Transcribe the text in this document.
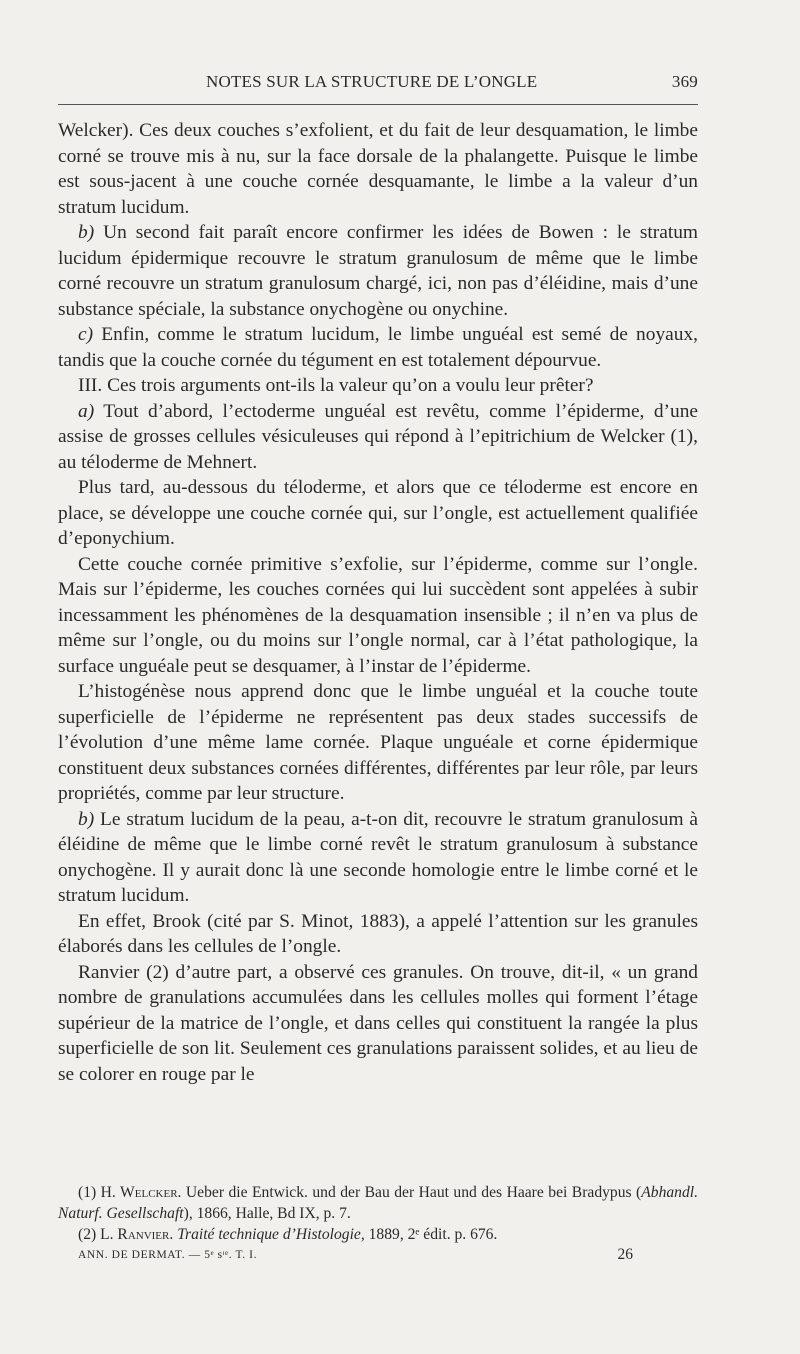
NOTES SUR LA STRUCTURE DE L’ONGLE	369

Welcker). Ces deux couches s’exfolient, et du fait de leur desquamation, le limbe corné se trouve mis à nu, sur la face dorsale de la phalangette. Puisque le limbe est sous-jacent à une couche cornée desquamante, le limbe a la valeur d’un stratum lucidum.

b) Un second fait paraît encore confirmer les idées de Bowen : le stratum lucidum épidermique recouvre le stratum granulosum de même que le limbe corné recouvre un stratum granulosum chargé, ici, non pas d’éléidine, mais d’une substance spéciale, la substance onychogène ou onychine.

c) Enfin, comme le stratum lucidum, le limbe unguéal est semé de noyaux, tandis que la couche cornée du tégument en est totalement dépourvue.

III. Ces trois arguments ont-ils la valeur qu’on a voulu leur prêter?

a) Tout d’abord, l’ectoderme unguéal est revêtu, comme l’épiderme, d’une assise de grosses cellules vésiculeuses qui répond à l’epitrichium de Welcker (1), au téloderme de Mehnert.

Plus tard, au-dessous du téloderme, et alors que ce téloderme est encore en place, se développe une couche cornée qui, sur l’ongle, est actuellement qualifiée d’eponychium.

Cette couche cornée primitive s’exfolie, sur l’épiderme, comme sur l’ongle. Mais sur l’épiderme, les couches cornées qui lui succèdent sont appelées à subir incessamment les phénomènes de la desquamation insensible ; il n’en va plus de même sur l’ongle, ou du moins sur l’ongle normal, car à l’état pathologique, la surface unguéale peut se desquamer, à l’instar de l’épiderme.

L’histogénèse nous apprend donc que le limbe unguéal et la couche toute superficielle de l’épiderme ne représentent pas deux stades successifs de l’évolution d’une même lame cornée. Plaque unguéale et corne épidermique constituent deux substances cornées différentes, différentes par leur rôle, par leurs propriétés, comme par leur structure.

b) Le stratum lucidum de la peau, a-t-on dit, recouvre le stratum granulosum à éléidine de même que le limbe corné revêt le stratum granulosum à substance onychogène. Il y aurait donc là une seconde homologie entre le limbe corné et le stratum lucidum.

En effet, Brook (cité par S. Minot, 1883), a appelé l’attention sur les granules élaborés dans les cellules de l’ongle.

Ranvier (2) d’autre part, a observé ces granules. On trouve, dit-il, « un grand nombre de granulations accumulées dans les cellules molles qui forment l’étage supérieur de la matrice de l’ongle, et dans celles qui constituent la rangée la plus superficielle de son lit. Seulement ces granulations paraissent solides, et au lieu de se colorer en rouge par le

(1) H. Welcker. Ueber die Entwick. und der Bau der Haut und des Haare bei Bradypus (Abhandl. Naturf. Gesellschaft), 1866, Halle, Bd IX, p. 7.

(2) L. Ranvier. Traité technique d’Histologie, 1889, 2ᵉ édit. p. 676.

ANN. DE DERMAT. — 5ᵉ sᶦᵉ. T. I.	26
